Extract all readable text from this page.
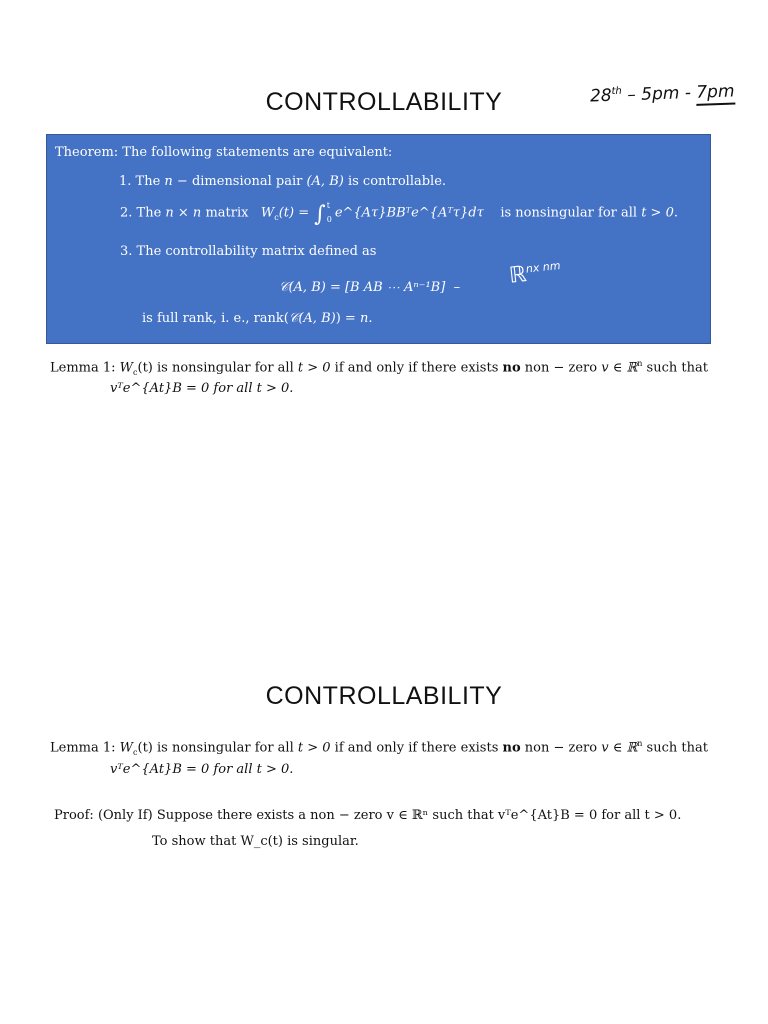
CONTROLLABILITY	28th – 5pm - 7pm
Theorem: The following statements are equivalent:
1. The n − dimensional pair (A, B) is controllable.
2. The n × n matrix   $W_c(t) = \int t$
0 e^{Aτ}BBᵀe^{Aᵀτ}dτ    is nonsingular for all t > 0.
3. The controllability matrix defined as
𝒞(A, B) = [B AB ⋯ Aⁿ⁻¹B] – ℝ$^{nx nm}$
is full rank, i. e., rank(𝒞(A, B)) = n.
Lemma 1: $W_c(t)$ is nonsingular for all t > 0 if and only if there exists no non − zero v ∈ ℝ$^n$ such that
vᵀe^{At}B = 0 for all t > 0.
CONTROLLABILITY
Lemma 1: $W_c(t)$ is nonsingular for all t > 0 if and only if there exists no non − zero v ∈ ℝ$^n$ such that
vᵀe^{At}B = 0 for all t > 0.
Proof: (Only If) Suppose there exists a non − zero v ∈ ℝⁿ such that vᵀe^{At}B = 0 for all t > 0.
To show that W_c(t) is singular.
